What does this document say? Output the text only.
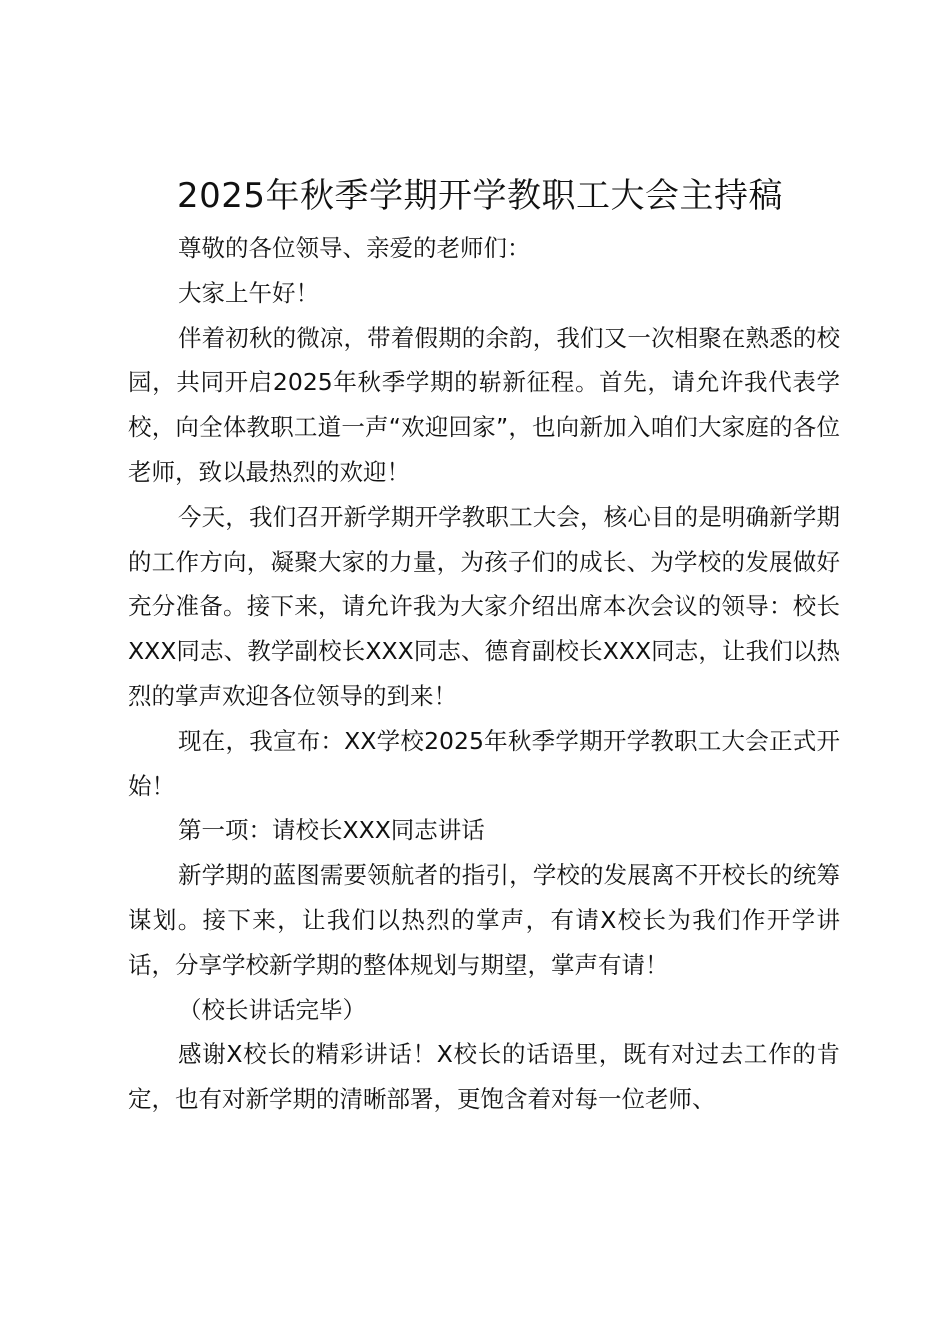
2025年秋季学期开学教职工大会主持稿

尊敬的各位领导、亲爱的老师们：

大家上午好！

伴着初秋的微凉，带着假期的余韵，我们又一次相聚在熟悉的校园，共同开启2025年秋季学期的崭新征程。首先，请允许我代表学校，向全体教职工道一声“欢迎回家”，也向新加入咱们大家庭的各位老师，致以最热烈的欢迎！

今天，我们召开新学期开学教职工大会，核心目的是明确新学期的工作方向，凝聚大家的力量，为孩子们的成长、为学校的发展做好充分准备。接下来，请允许我为大家介绍出席本次会议的领导：校长XXX同志、教学副校长XXX同志、德育副校长XXX同志，让我们以热烈的掌声欢迎各位领导的到来！

现在，我宣布：XX学校2025年秋季学期开学教职工大会正式开始！

第一项：请校长XXX同志讲话

新学期的蓝图需要领航者的指引，学校的发展离不开校长的统筹谋划。接下来，让我们以热烈的掌声，有请X校长为我们作开学讲话，分享学校新学期的整体规划与期望，掌声有请！

（校长讲话完毕）

感谢X校长的精彩讲话！X校长的话语里，既有对过去工作的肯定，也有对新学期的清晰部署，更饱含着对每一位老师、
